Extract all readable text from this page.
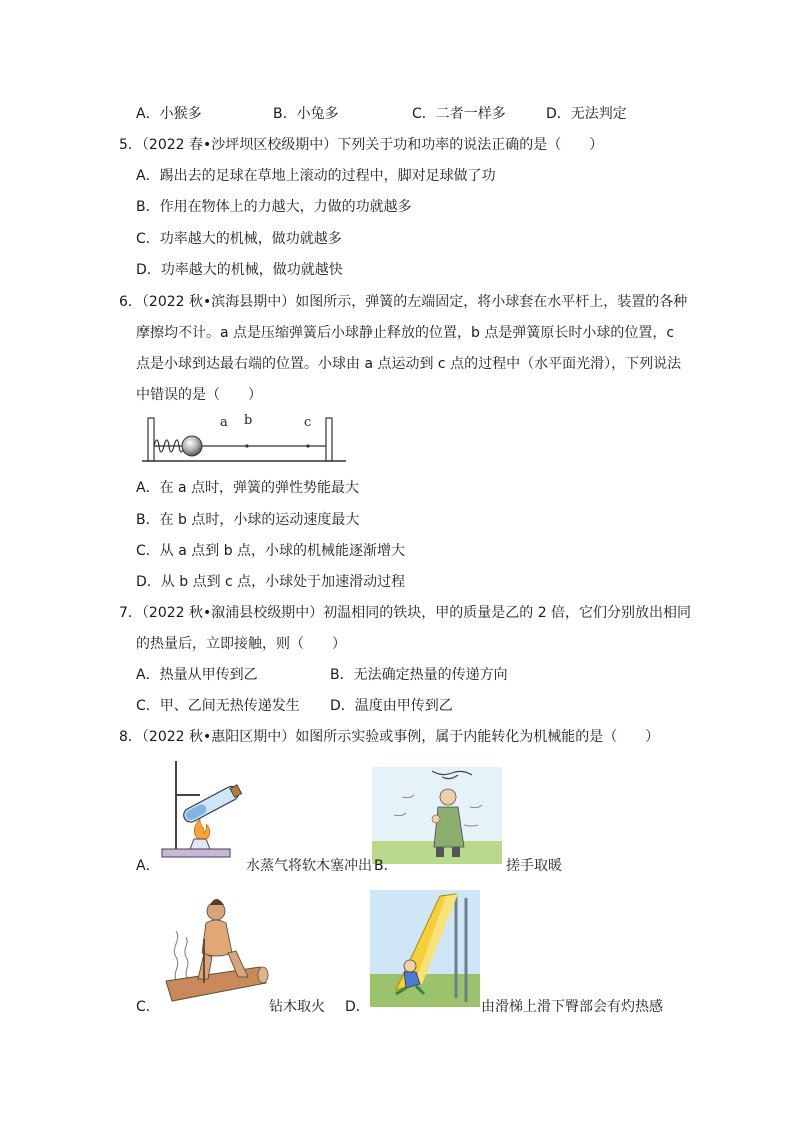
A．小猴多	B．小兔多	C．二者一样多	D．无法判定
5．（2022 春•沙坪坝区校级期中）下列关于功和功率的说法正确的是（　　）
A．踢出去的足球在草地上滚动的过程中，脚对足球做了功
B．作用在物体上的力越大，力做的功就越多
C．功率越大的机械，做功就越多
D．功率越大的机械，做功就越快
6．（2022 秋•滨海县期中）如图所示，弹簧的左端固定，将小球套在水平杆上，装置的各种
摩擦均不计。a 点是压缩弹簧后小球静止释放的位置，b 点是弹簧原长时小球的位置，c
点是小球到达最右端的位置。小球由 a 点运动到 c 点的过程中（水平面光滑），下列说法
中错误的是（　　）
a b	c
A．在 a 点时，弹簧的弹性势能最大
B．在 b 点时，小球的运动速度最大
C．从 a 点到 b 点，小球的机械能逐渐增大
D．从 b 点到 c 点，小球处于加速滑动过程
7．（2022 秋•溆浦县校级期中）初温相同的铁块，甲的质量是乙的 2 倍，它们分别放出相同
的热量后，立即接触，则（　　）
A．热量从甲传到乙	B．无法确定热量的传递方向
C．甲、乙间无热传递发生 D．温度由甲传到乙
8．（2022 秋•惠阳区期中）如图所示实验或事例，属于内能转化为机械能的是（　　）
A．	水蒸气将软木塞冲出 B．	搓手取暖
C．	钻木取火 D．	由滑梯上滑下臀部会有灼热感
